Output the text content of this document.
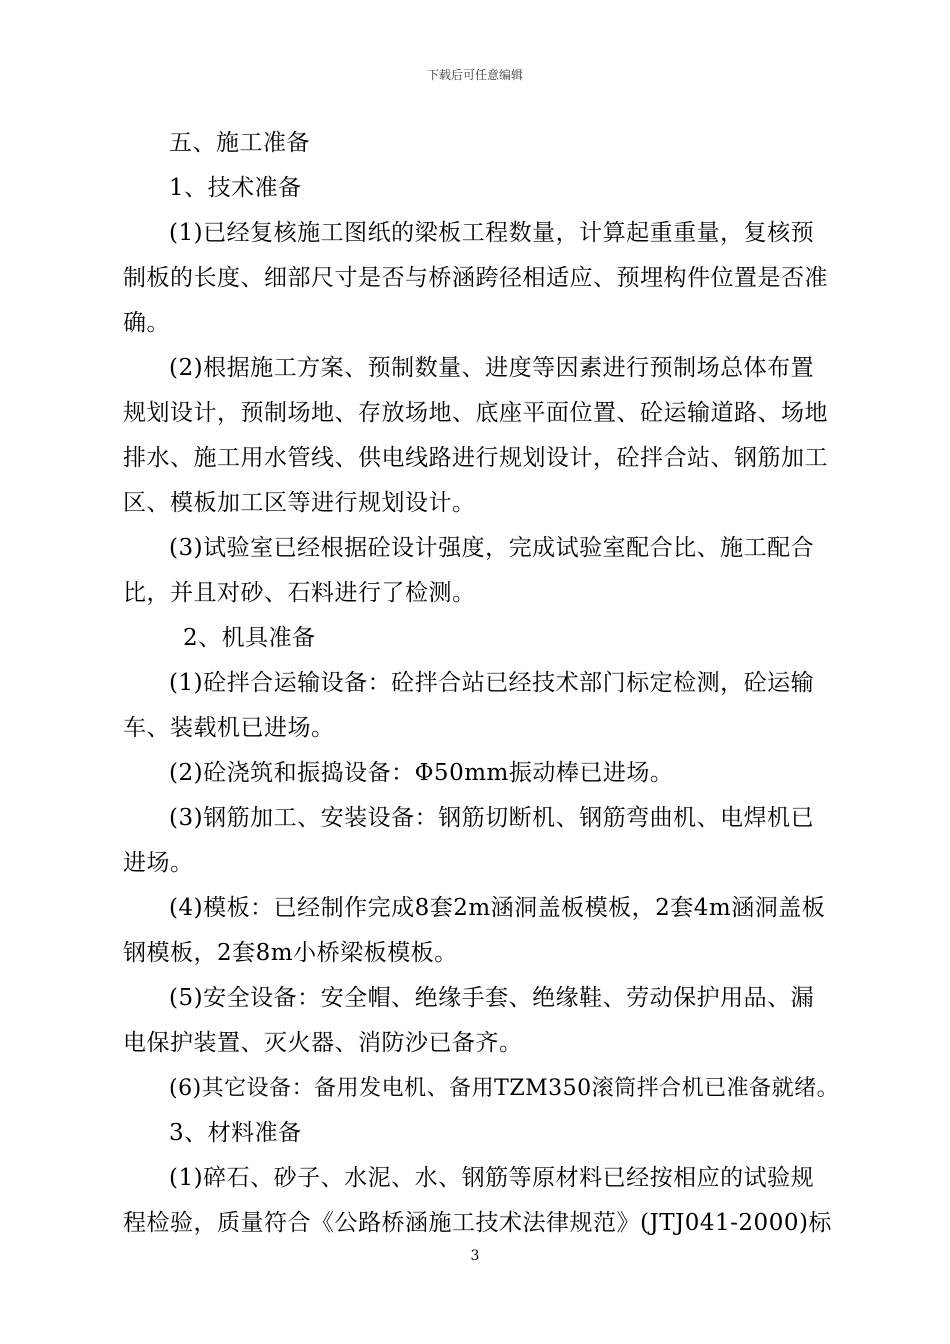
下载后可任意编辑
五、施工准备
1、技术准备
(1)已经复核施工图纸的梁板工程数量，计算起重重量，复核预
制板的长度、细部尺寸是否与桥涵跨径相适应、预埋构件位置是否准
确。
(2)根据施工方案、预制数量、进度等因素进行预制场总体布置
规划设计，预制场地、存放场地、底座平面位置、砼运输道路、场地
排水、施工用水管线、供电线路进行规划设计，砼拌合站、钢筋加工
区、模板加工区等进行规划设计。
(3)试验室已经根据砼设计强度，完成试验室配合比、施工配合
比，并且对砂、石料进行了检测。
2、机具准备
(1)砼拌合运输设备：砼拌合站已经技术部门标定检测，砼运输
车、装载机已进场。
(2)砼浇筑和振捣设备：Φ50mm振动棒已进场。
(3)钢筋加工、安装设备：钢筋切断机、钢筋弯曲机、电焊机已
进场。
(4)模板：已经制作完成8套2m涵洞盖板模板，2套4m涵洞盖板
钢模板，2套8m小桥梁板模板。
(5)安全设备：安全帽、绝缘手套、绝缘鞋、劳动保护用品、漏
电保护装置、灭火器、消防沙已备齐。
(6)其它设备：备用发电机、备用TZM350滚筒拌合机已准备就绪。
3、材料准备
(1)碎石、砂子、水泥、水、钢筋等原材料已经按相应的试验规
程检验，质量符合《公路桥涵施工技术法律规范》(JTJ041-2000)标
3
